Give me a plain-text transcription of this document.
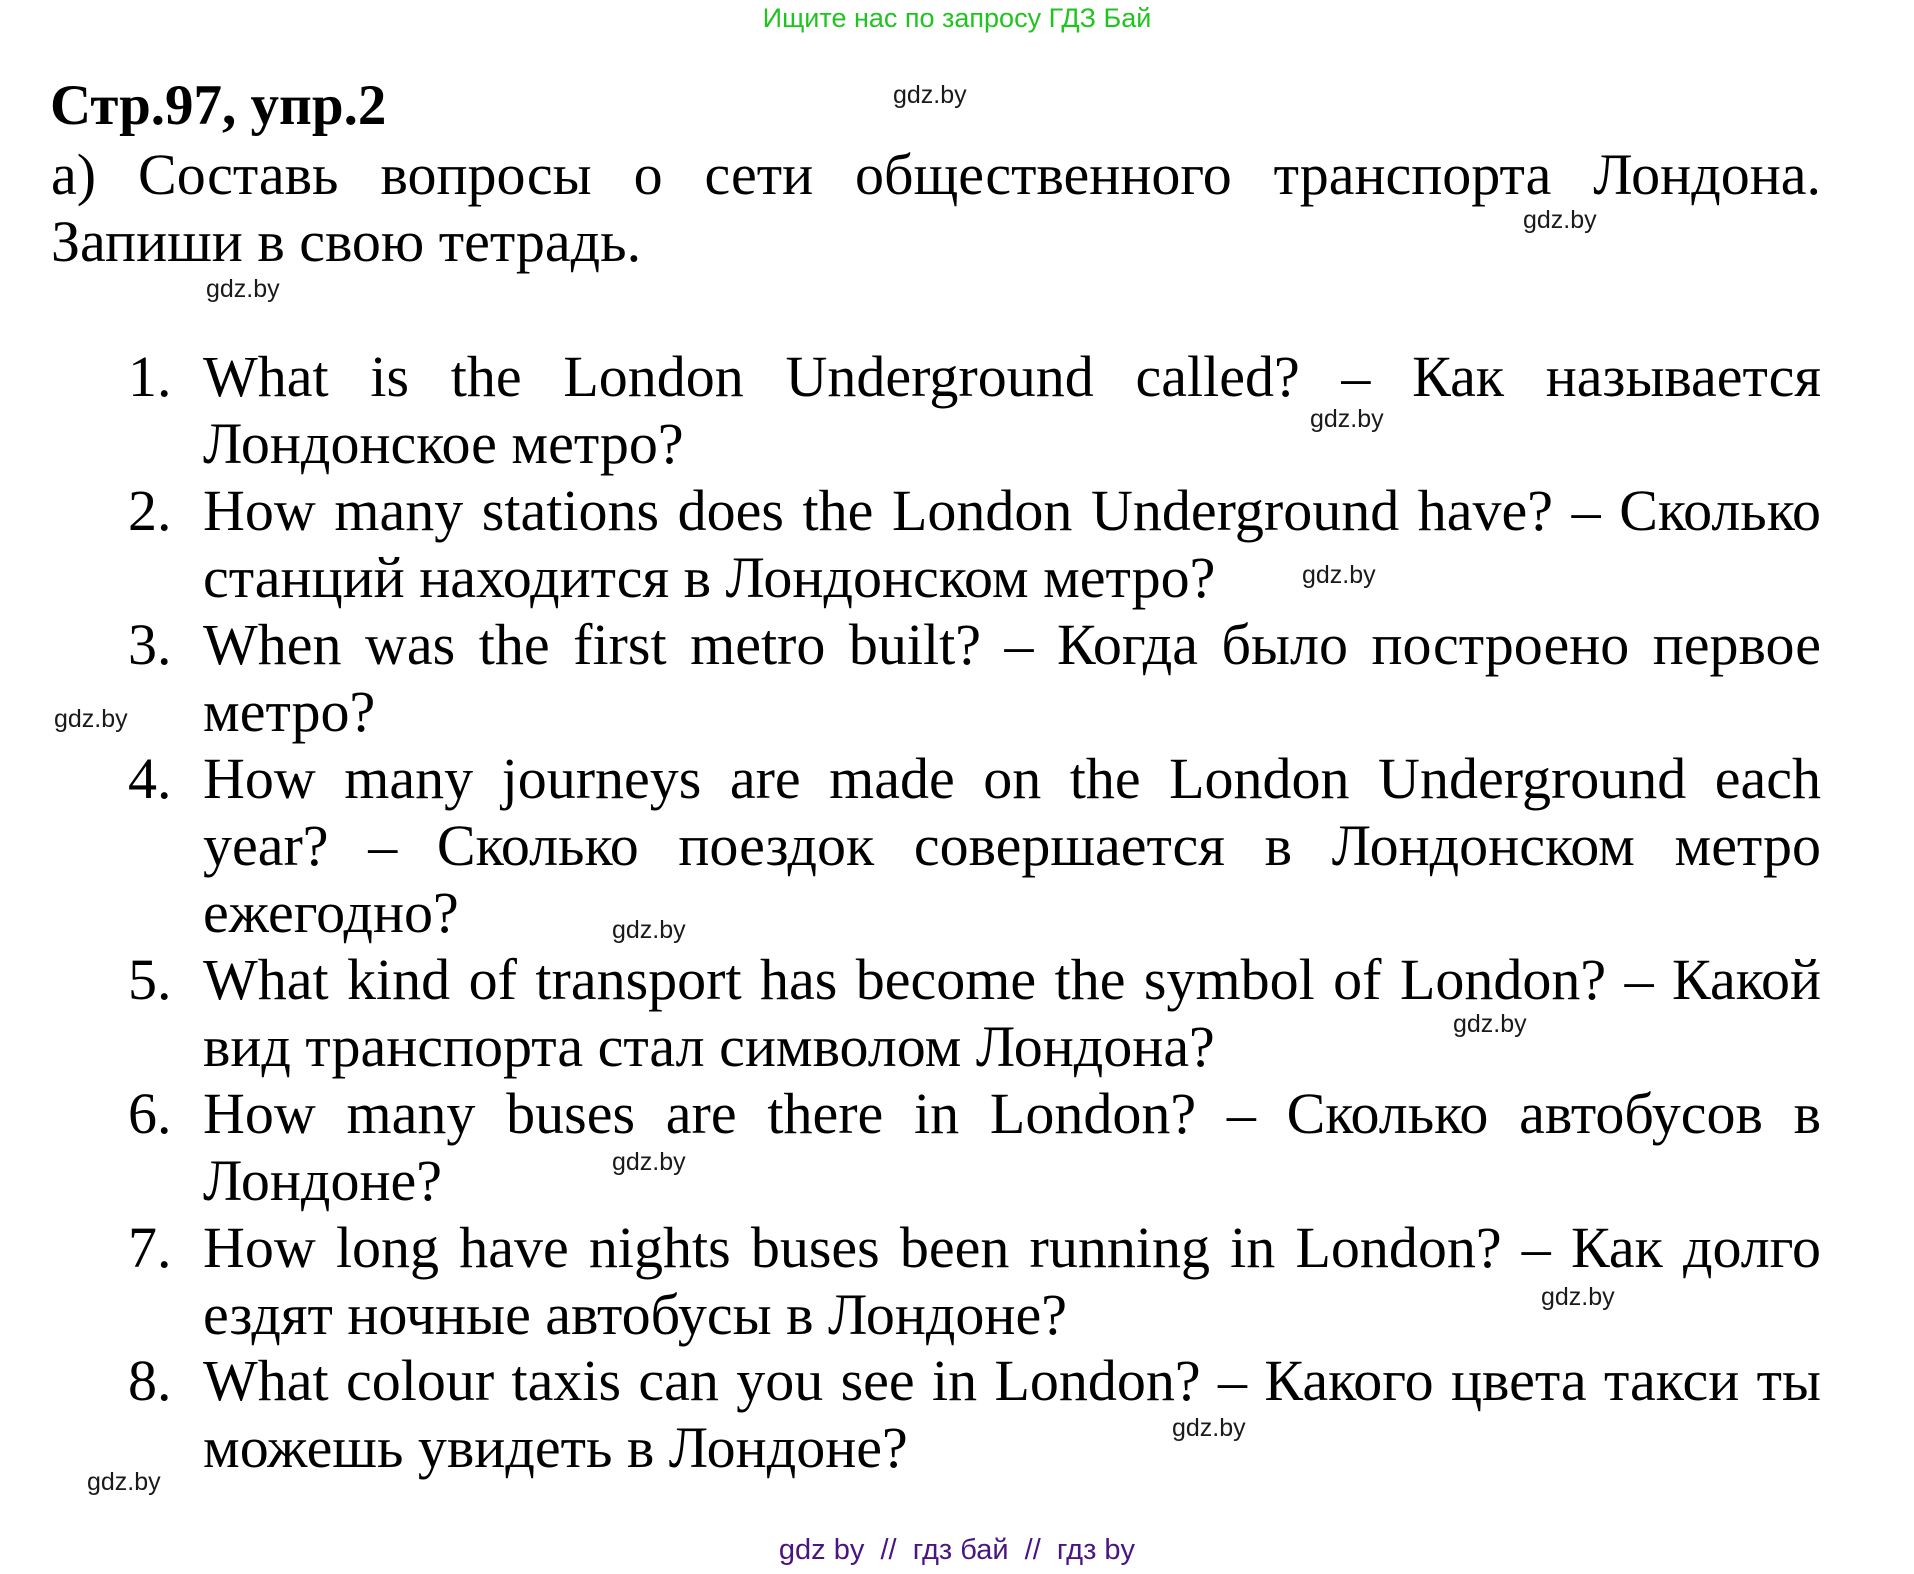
Ищите нас по запросу ГДЗ Бай
Стр.97, упр.2
а) Составь вопросы о сети общественного транспорта Лондона.
Запиши в свою тетрадь.
1. What is the London Underground called? – Как называется
Лондонское метро?
2. How many stations does the London Underground have? – Сколько
станций находится в Лондонском метро?
3. When was the first metro built? – Когда было построено первое
метро?
4. How many journeys are made on the London Underground each
year? – Сколько поездок совершается в Лондонском метро
ежегодно?
5. What kind of transport has become the symbol of London? – Какой
вид транспорта стал символом Лондона?
6. How many buses are there in London? – Сколько автобусов в
Лондоне?
7. How long have nights buses been running in London? – Как долго
ездят ночные автобусы в Лондоне?
8. What colour taxis can you see in London? – Какого цвета такси ты
можешь увидеть в Лондоне?
gdz.by
gdz.by
gdz.by
gdz.by
gdz.by
gdz.by
gdz.by
gdz.by
gdz.by
gdz.by
gdz.by
gdz.by
gdz by  //  гдз бай  //  гдз by
